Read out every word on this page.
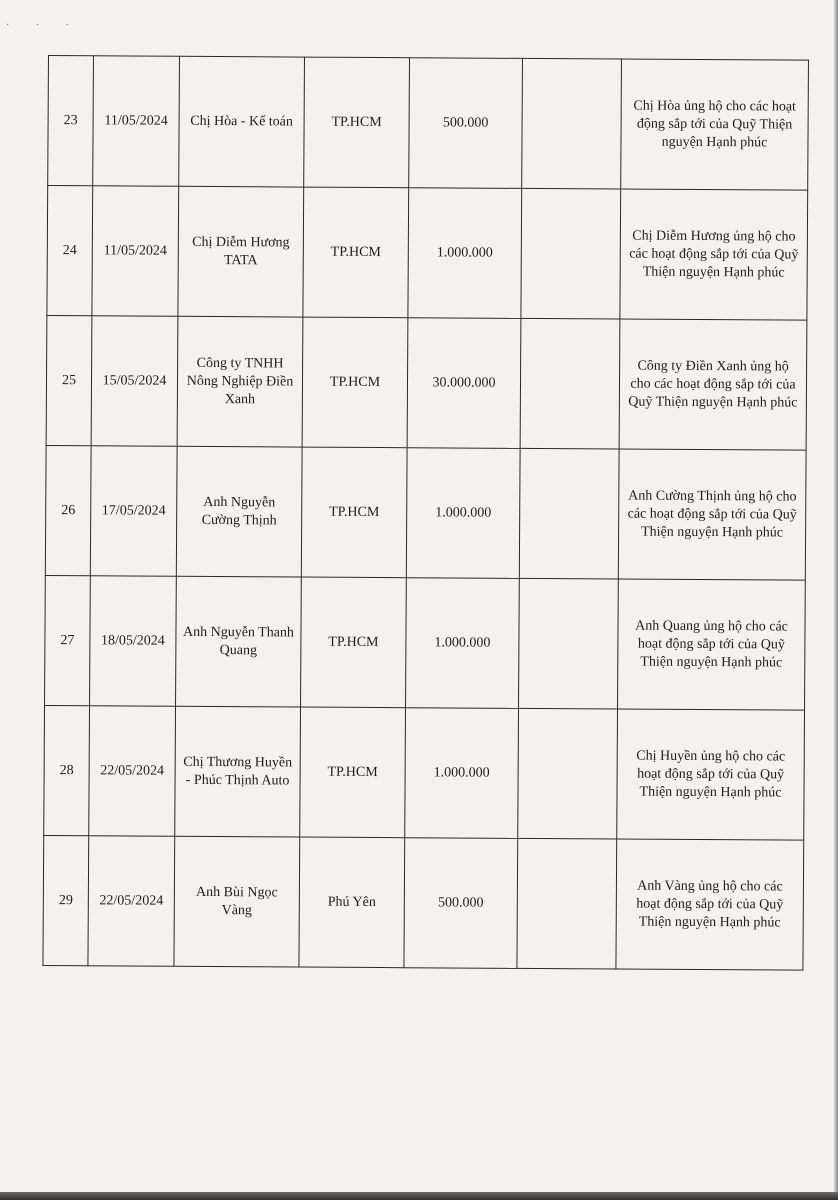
· · ·
23	11/05/2024	Chị Hòa - Kế toán	TP.HCM	500.000		Chị Hòa ủng hộ cho các hoạt động sắp tới của Quỹ Thiện nguyện Hạnh phúc
24	11/05/2024	Chị Diễm Hương TATA	TP.HCM	1.000.000		Chị Diễm Hương ủng hộ cho các hoạt động sắp tới của Quỹ Thiện nguyện Hạnh phúc
25	15/05/2024	Công ty TNHH Nông Nghiệp Điền Xanh	TP.HCM	30.000.000		Công ty Điền Xanh ủng hộ cho các hoạt động sắp tới của Quỹ Thiện nguyện Hạnh phúc
26	17/05/2024	Anh Nguyễn Cường Thịnh	TP.HCM	1.000.000		Anh Cường Thịnh ủng hộ cho các hoạt động sắp tới của Quỹ Thiện nguyện Hạnh phúc
27	18/05/2024	Anh Nguyễn Thanh Quang	TP.HCM	1.000.000		Anh Quang ủng hộ cho các hoạt động sắp tới của Quỹ Thiện nguyện Hạnh phúc
28	22/05/2024	Chị Thương Huyền - Phúc Thịnh Auto	TP.HCM	1.000.000		Chị Huyền ủng hộ cho các hoạt động sắp tới của Quỹ Thiện nguyện Hạnh phúc
29	22/05/2024	Anh Bùi Ngọc Vàng	Phú Yên	500.000		Anh Vàng ủng hộ cho các hoạt động sắp tới của Quỹ Thiện nguyện Hạnh phúc
